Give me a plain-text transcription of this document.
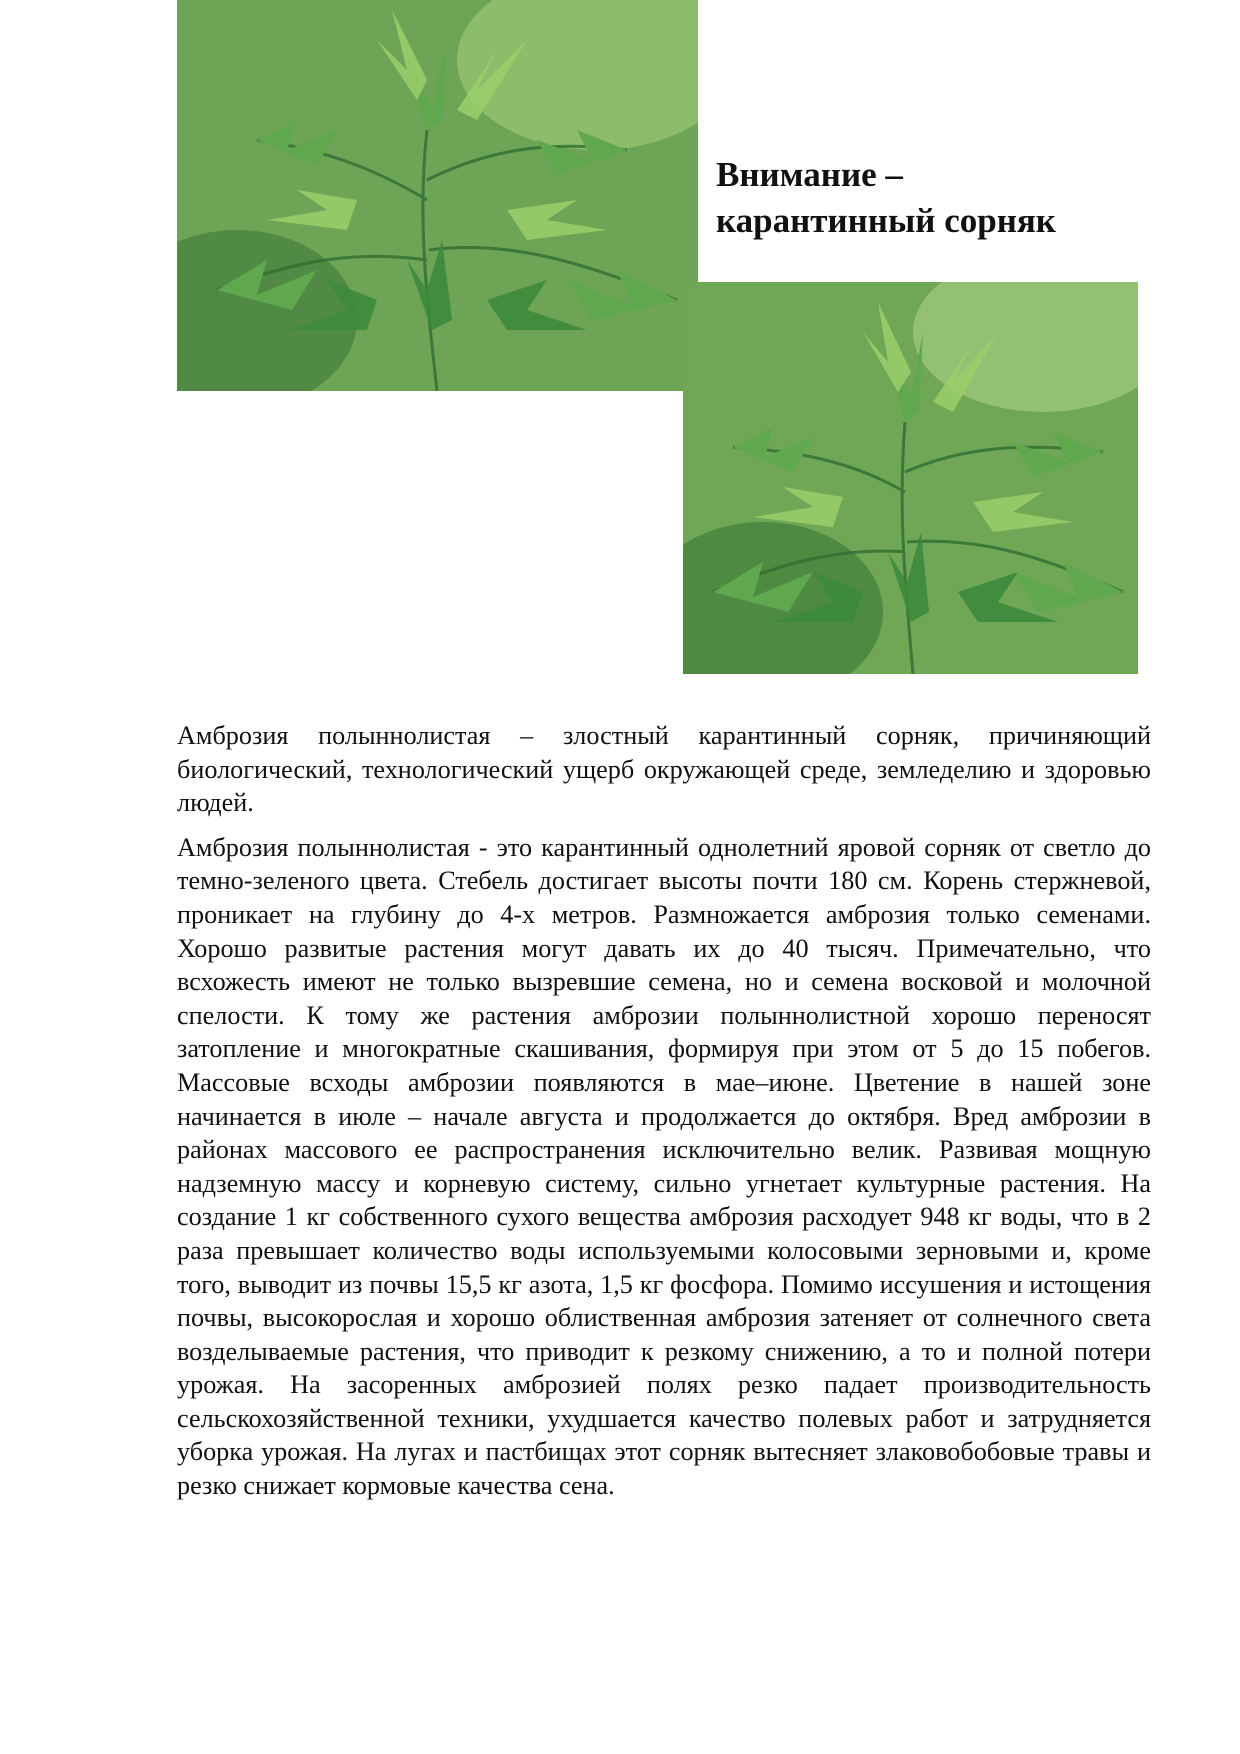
Внимание –
карантинный сорняк

Амброзия полыннолистая – злостный карантинный сорняк, причиняющий биологический, технологический ущерб окружающей среде, земледелию и здоровью людей.

Амброзия полыннолистая - это карантинный однолетний яровой сорняк от светло до темно-зеленого цвета. Стебель достигает высоты почти 180 см. Корень стержневой, проникает на глубину до 4-х метров. Размножается амброзия только семенами. Хорошо развитые растения могут давать их до 40 тысяч. Примечательно, что всхожесть имеют не только вызревшие семена, но и семена восковой и молочной спелости. К тому же растения амброзии полыннолистной хорошо переносят затопление и многократные скашивания, формируя при этом от 5 до 15 побегов. Массовые всходы амброзии появляются в мае–июне. Цветение в нашей зоне начинается в июле – начале августа и продолжается до октября. Вред амброзии в районах массового ее распространения исключительно велик. Развивая мощную надземную массу и корневую систему, сильно угнетает культурные растения. На создание 1 кг собственного сухого вещества амброзия расходует 948 кг воды, что в 2 раза превышает количество воды используемыми колосовыми зерновыми и, кроме того, выводит из почвы 15,5 кг азота, 1,5 кг фосфора. Помимо иссушения и истощения почвы, высокорослая и хорошо облиственная амброзия затеняет от солнечного света возделываемые растения, что приводит к резкому снижению, а то и полной потери урожая. На засоренных амброзией полях резко падает производительность сельскохозяйственной техники, ухудшается качество полевых работ и затрудняется уборка урожая. На лугах и пастбищах этот сорняк вытесняет злаковобобовые травы и резко снижает кормовые качества сена.
